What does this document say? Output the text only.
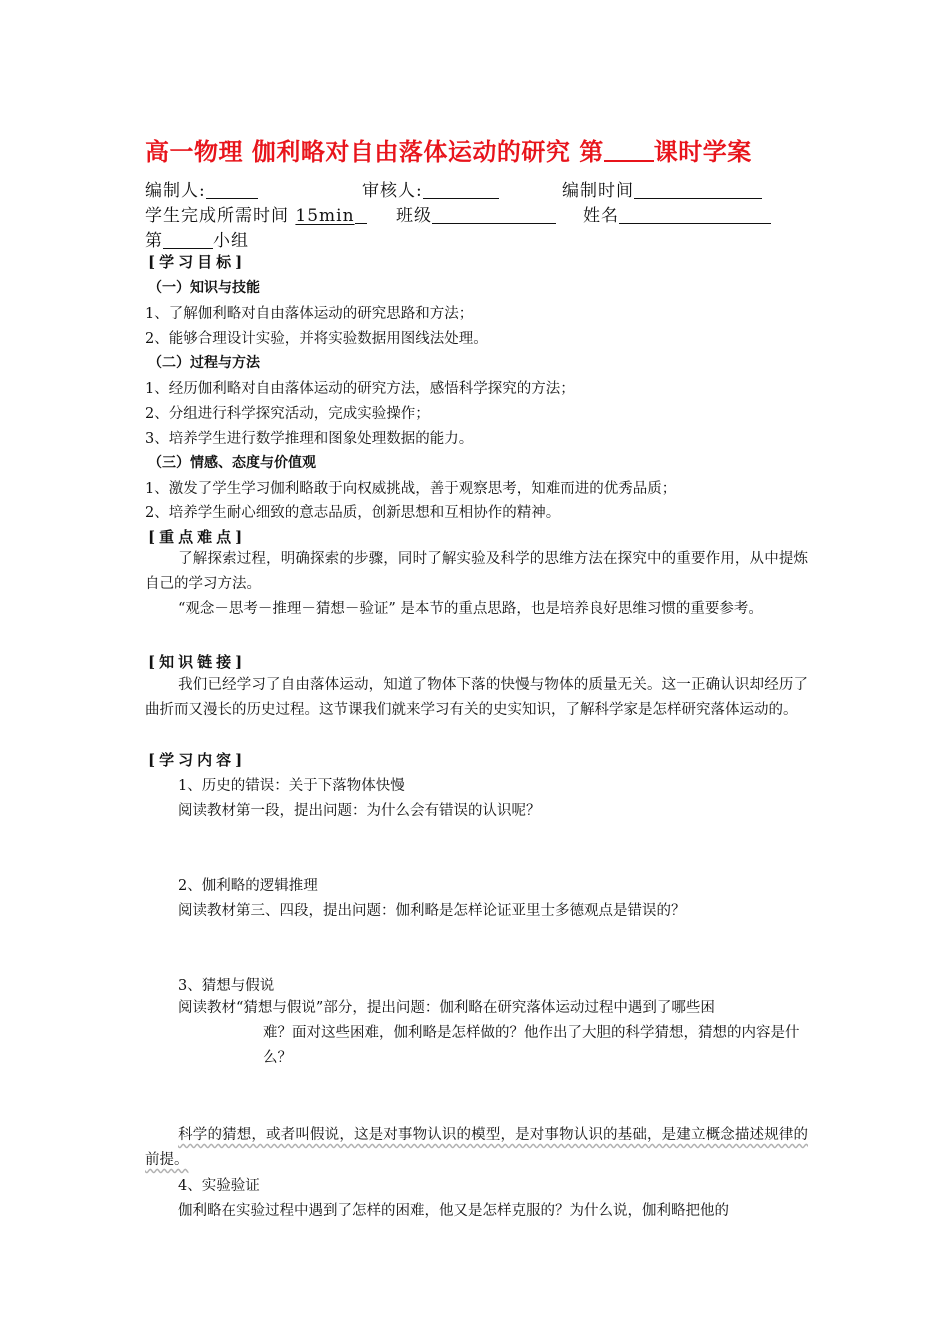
高一物理 伽利略对自由落体运动的研究 第 课时学案
编制人:	审核人:	编制时间
学生完成所需时间 15min	班级	姓名
第	小组
[学习目标]
（一）知识与技能
1、了解伽利略对自由落体运动的研究思路和方法；
2、能够合理设计实验，并将实验数据用图线法处理。
（二）过程与方法
1、经历伽利略对自由落体运动的研究方法，感悟科学探究的方法；
2、分组进行科学探究活动，完成实验操作；
3、培养学生进行数学推理和图象处理数据的能力。
（三）情感、态度与价值观
1、激发了学生学习伽利略敢于向权威挑战，善于观察思考，知难而进的优秀品质；
2、培养学生耐心细致的意志品质，创新思想和互相协作的精神。
[重点难点]
了解探索过程，明确探索的步骤，同时了解实验及科学的思维方法在探究中的重要作用，从中提炼自己的学习方法。
“观念－思考－推理－猜想－验证” 是本节的重点思路，也是培养良好思维习惯的重要参考。
[知识链接]
我们已经学习了自由落体运动，知道了物体下落的快慢与物体的质量无关。这一正确认识却经历了曲折而又漫长的历史过程。这节课我们就来学习有关的史实知识，了解科学家是怎样研究落体运动的。
[学习内容]
1、历史的错误：关于下落物体快慢
阅读教材第一段，提出问题：为什么会有错误的认识呢？
2、伽利略的逻辑推理
阅读教材第三、四段，提出问题：伽利略是怎样论证亚里士多德观点是错误的？
3、猜想与假说
阅读教材“猜想与假说”部分，提出问题：伽利略在研究落体运动过程中遇到了哪些困
难？面对这些困难，伽利略是怎样做的？他作出了大胆的科学猜想，猜想的内容是什么？
科学的猜想，或者叫假说，这是对事物认识的模型，是对事物认识的基础，是建立概念描述规律的前提。
4、实验验证
伽利略在实验过程中遇到了怎样的困难，他又是怎样克服的？为什么说，伽利略把他的
